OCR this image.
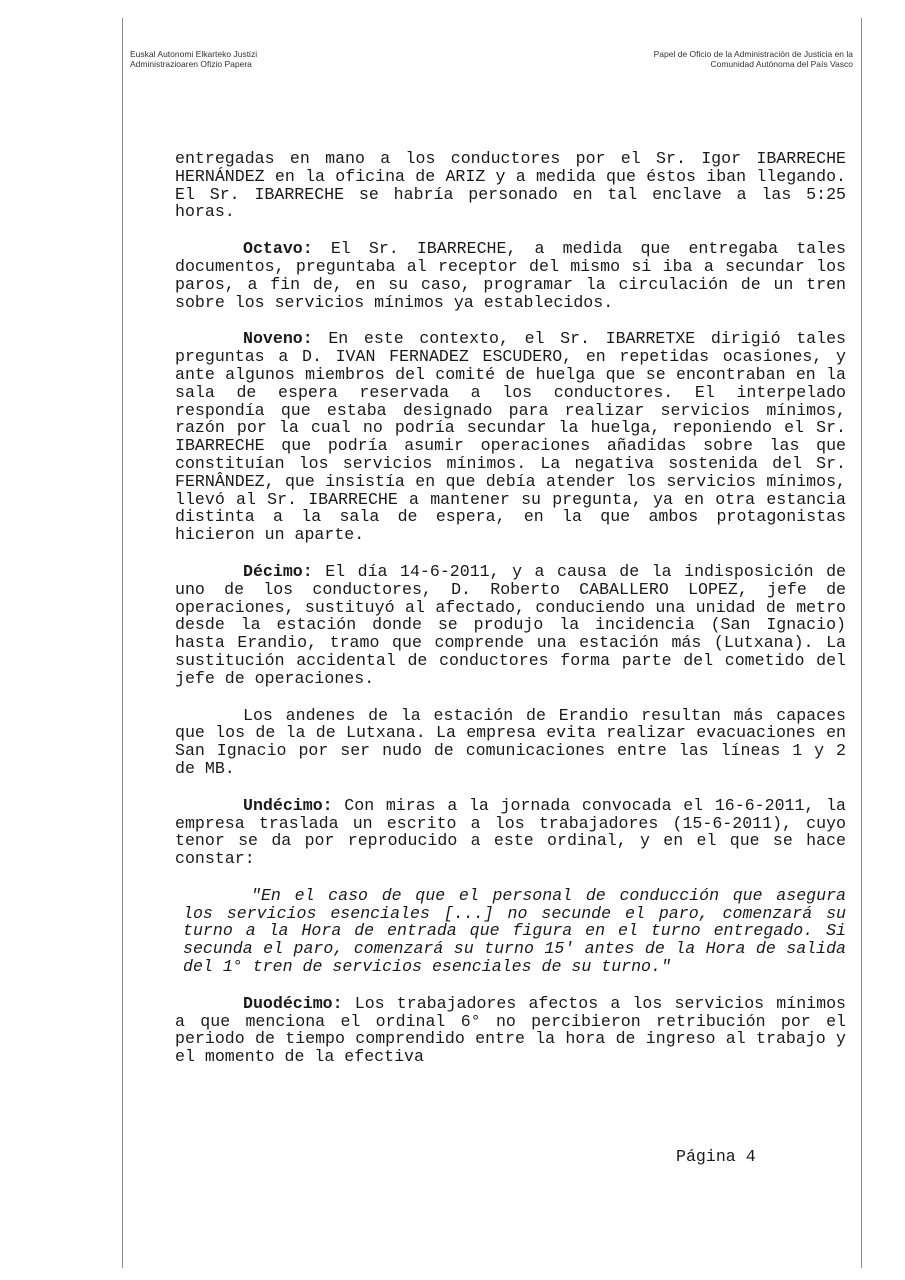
Euskal Autonomi Elkarteko Justizi
Administrazioaren Ofizio Papera
Papel de Oficio de la Administración de Justicia en la
Comunidad Autónoma del País Vasco

entregadas en mano a los conductores por el Sr. Igor IBARRECHE HERNÁNDEZ en la oficina de ARIZ y a medida que éstos iban llegando. El Sr. IBARRECHE se habría personado en tal enclave a las 5:25 horas.

Octavo: El Sr. IBARRECHE, a medida que entregaba tales documentos, preguntaba al receptor del mismo si iba a secundar los paros, a fin de, en su caso, programar la circulación de un tren sobre los servicios mínimos ya establecidos.

Noveno: En este contexto, el Sr. IBARRETXE dirigió tales preguntas a D. IVAN FERNADEZ ESCUDERO, en repetidas ocasiones, y ante algunos miembros del comité de huelga que se encontraban en la sala de espera reservada a los conductores. El interpelado respondía que estaba designado para realizar servicios mínimos, razón por la cual no podría secundar la huelga, reponiendo el Sr. IBARRECHE que podría asumir operaciones añadidas sobre las que constituían los servicios mínimos. La negativa sostenida del Sr. FERNÂNDEZ, que insistía en que debía atender los servicios mínimos, llevó al Sr. IBARRECHE a mantener su pregunta, ya en otra estancia distinta a la sala de espera, en la que ambos protagonistas hicieron un aparte.

Décimo: El día 14-6-2011, y a causa de la indisposición de uno de los conductores, D. Roberto CABALLERO LOPEZ, jefe de operaciones, sustituyó al afectado, conduciendo una unidad de metro desde la estación donde se produjo la incidencia (San Ignacio) hasta Erandio, tramo que comprende una estación más (Lutxana). La sustitución accidental de conductores forma parte del cometido del jefe de operaciones.

Los andenes de la estación de Erandio resultan más capaces que los de la de Lutxana. La empresa evita realizar evacuaciones en San Ignacio por ser nudo de comunicaciones entre las líneas 1 y 2 de MB.

Undécimo: Con miras a la jornada convocada el 16-6-2011, la empresa traslada un escrito a los trabajadores (15-6-2011), cuyo tenor se da por reproducido a este ordinal, y en el que se hace constar:

"En el caso de que el personal de conducción que asegura los servicios esenciales [...] no secunde el paro, comenzará su turno a la Hora de entrada que figura en el turno entregado. Si secunda el paro, comenzará su turno 15' antes de la Hora de salida del 1° tren de servicios esenciales de su turno."

Duodécimo: Los trabajadores afectos a los servicios mínimos a que menciona el ordinal 6° no percibieron retribución por el periodo de tiempo comprendido entre la hora de ingreso al trabajo y el momento de la efectiva

Página 4
